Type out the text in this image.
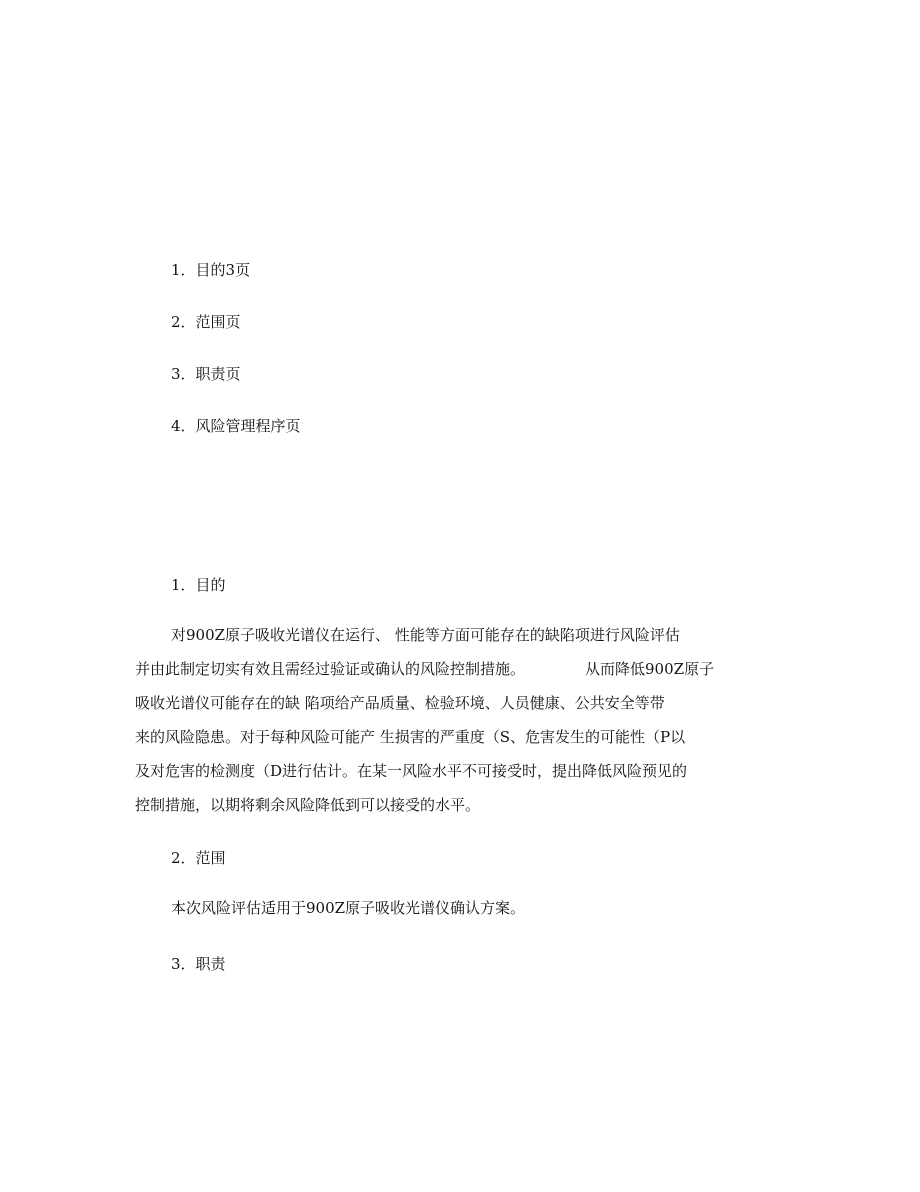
1．目的3页
2．范围页
3．职责页
4．风险管理程序页
1．目的
对900Z原子吸收光谱仪在运行、 性能等方面可能存在的缺陷项进行风险评估
并由此制定切实有效且需经过验证或确认的风险控制措施。	从而降低900Z原子
吸收光谱仪可能存在的缺 陷项给产品质量、检验环境、人员健康、公共安全等带
来的风险隐患。对于每种风险可能产 生损害的严重度（S、危害发生的可能性（P以
及对危害的检测度（D进行估计。在某一风险水平不可接受时，提出降低风险预见的
控制措施，以期将剩余风险降低到可以接受的水平。
2．范围
本次风险评估适用于900Z原子吸收光谱仪确认方案。
3．职责
